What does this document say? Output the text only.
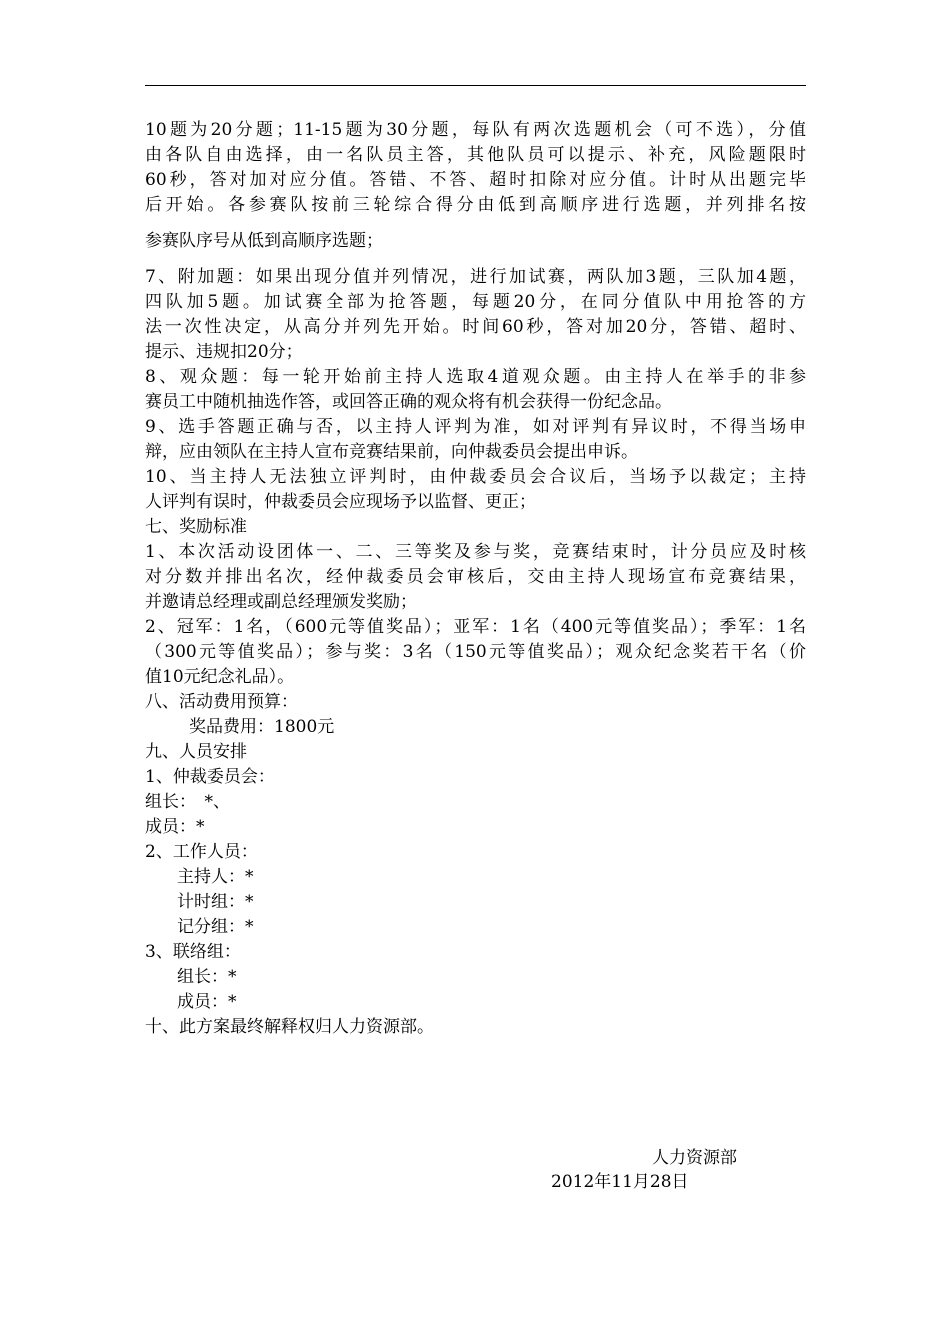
10题为20分题；11-15题为30分题，每队有两次选题机会（可不选），分值

由各队自由选择，由一名队员主答，其他队员可以提示、补充，风险题限时

60秒，答对加对应分值。答错、不答、超时扣除对应分值。计时从出题完毕

后开始。各参赛队按前三轮综合得分由低到高顺序进行选题，并列排名按

参赛队序号从低到高顺序选题；

7、附加题：如果出现分值并列情况，进行加试赛，两队加3题，三队加4题，

四队加5题。加试赛全部为抢答题，每题20分，在同分值队中用抢答的方

法一次性决定，从高分并列先开始。时间60秒，答对加20分，答错、超时、

提示、违规扣20分；

8、观众题：每一轮开始前主持人选取4道观众题。由主持人在举手的非参

赛员工中随机抽选作答，或回答正确的观众将有机会获得一份纪念品。

9、选手答题正确与否，以主持人评判为准，如对评判有异议时，不得当场申

辩，应由领队在主持人宣布竞赛结果前，向仲裁委员会提出申诉。

10、当主持人无法独立评判时，由仲裁委员会合议后，当场予以裁定；主持

人评判有误时，仲裁委员会应现场予以监督、更正；

七、奖励标准

1、本次活动设团体一、二、三等奖及参与奖，竞赛结束时，计分员应及时核

对分数并排出名次，经仲裁委员会审核后，交由主持人现场宣布竞赛结果，

并邀请总经理或副总经理颁发奖励；

2、冠军：1名，（600元等值奖品）；亚军：1名（400元等值奖品）；季军：1名

（300元等值奖品）；参与奖：3名（150元等值奖品）；观众纪念奖若干名（价

值10元纪念礼品）。

八、活动费用预算：

奖品费用：1800元

九、人员安排

1、仲裁委员会：

组长：　*、

成员：*

2、工作人员：

主持人：*

计时组：*

记分组：*

3、联络组：

组长：*

成员：*

十、此方案最终解释权归人力资源部。

人力资源部
2012年11月28日
